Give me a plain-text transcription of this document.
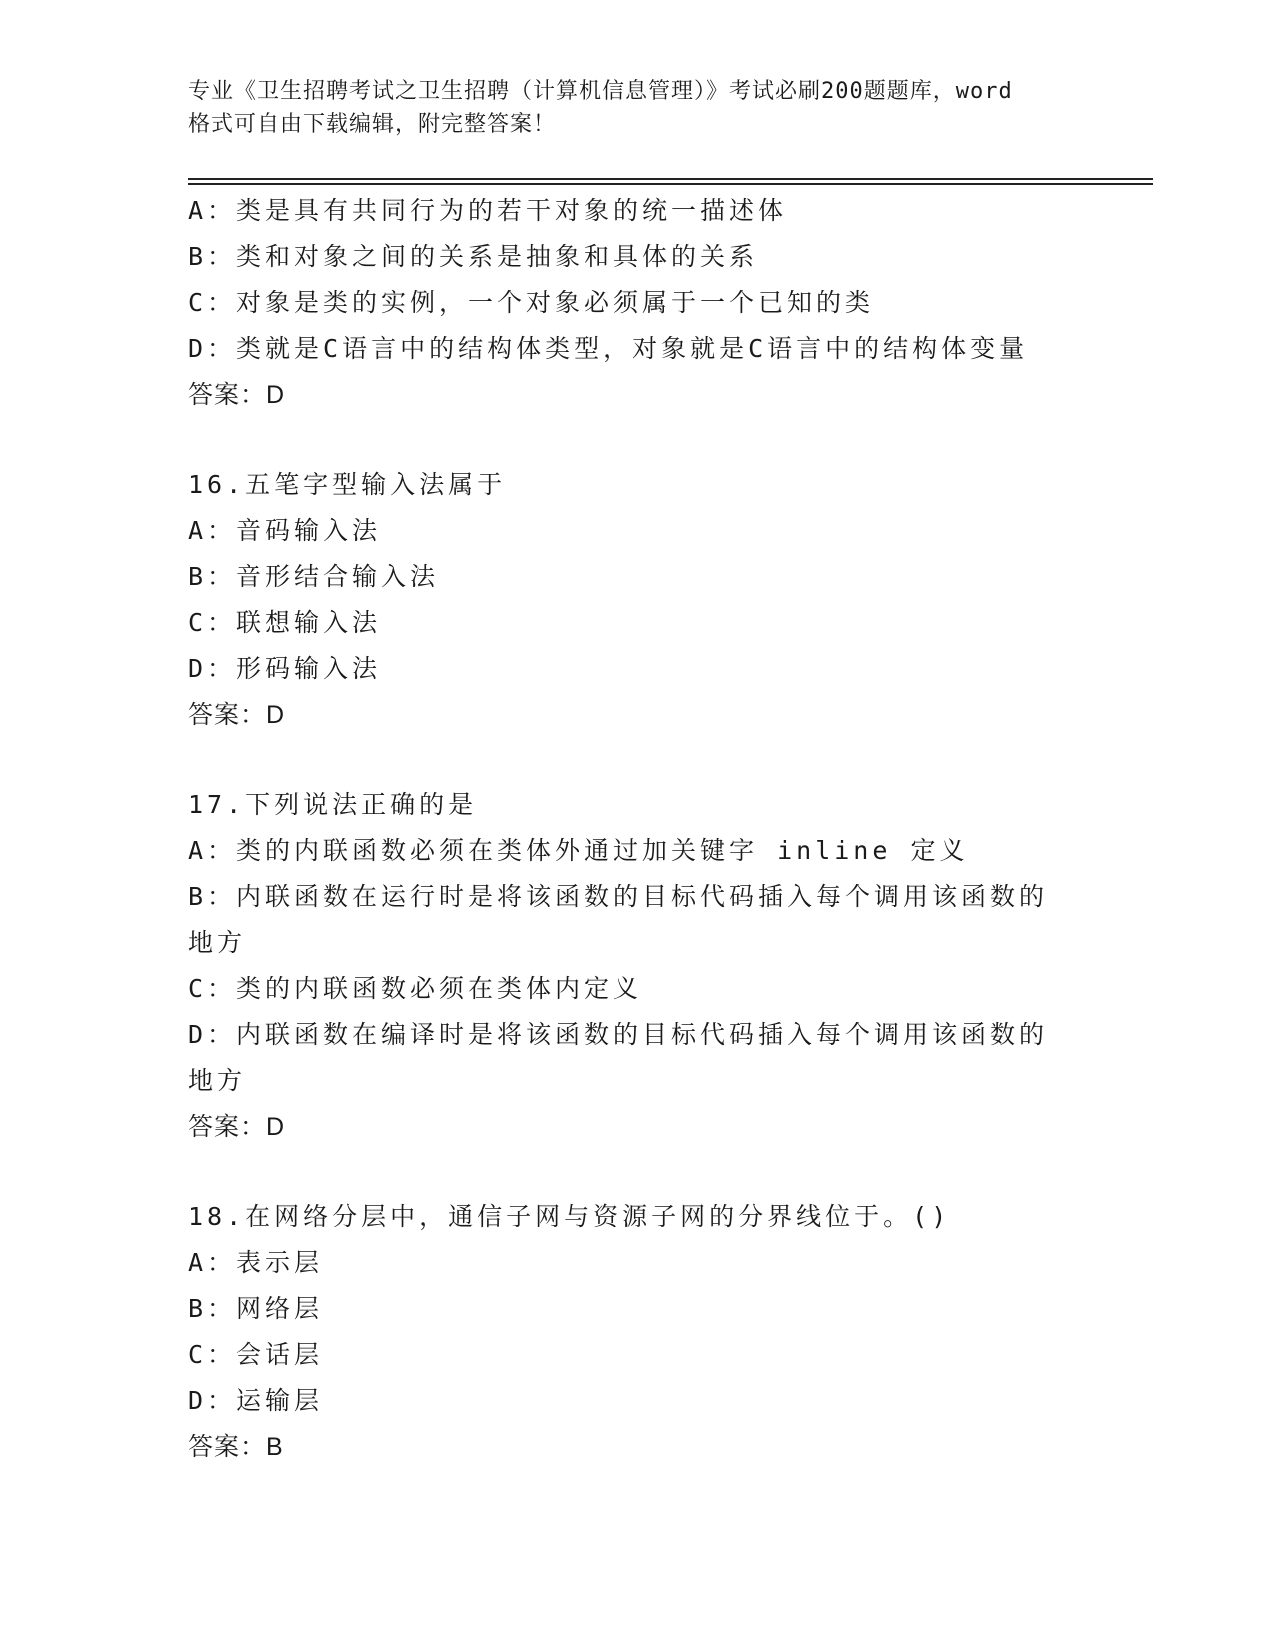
专业《卫生招聘考试之卫生招聘（计算机信息管理）》考试必刷200题题库，word
格式可自由下载编辑，附完整答案！
A：类是具有共同行为的若干对象的统一描述体
B：类和对象之间的关系是抽象和具体的关系
C：对象是类的实例，一个对象必须属于一个已知的类
D：类就是C语言中的结构体类型，对象就是C语言中的结构体变量
答案：D
16.五笔字型输入法属于
A：音码输入法
B：音形结合输入法
C：联想输入法
D：形码输入法
答案：D
17.下列说法正确的是
A：类的内联函数必须在类体外通过加关键字 inline 定义
B：内联函数在运行时是将该函数的目标代码插入每个调用该函数的地方
C：类的内联函数必须在类体内定义
D：内联函数在编译时是将该函数的目标代码插入每个调用该函数的地方
答案：D
18.在网络分层中，通信子网与资源子网的分界线位于。()
A：表示层
B：网络层
C：会话层
D：运输层
答案：B
